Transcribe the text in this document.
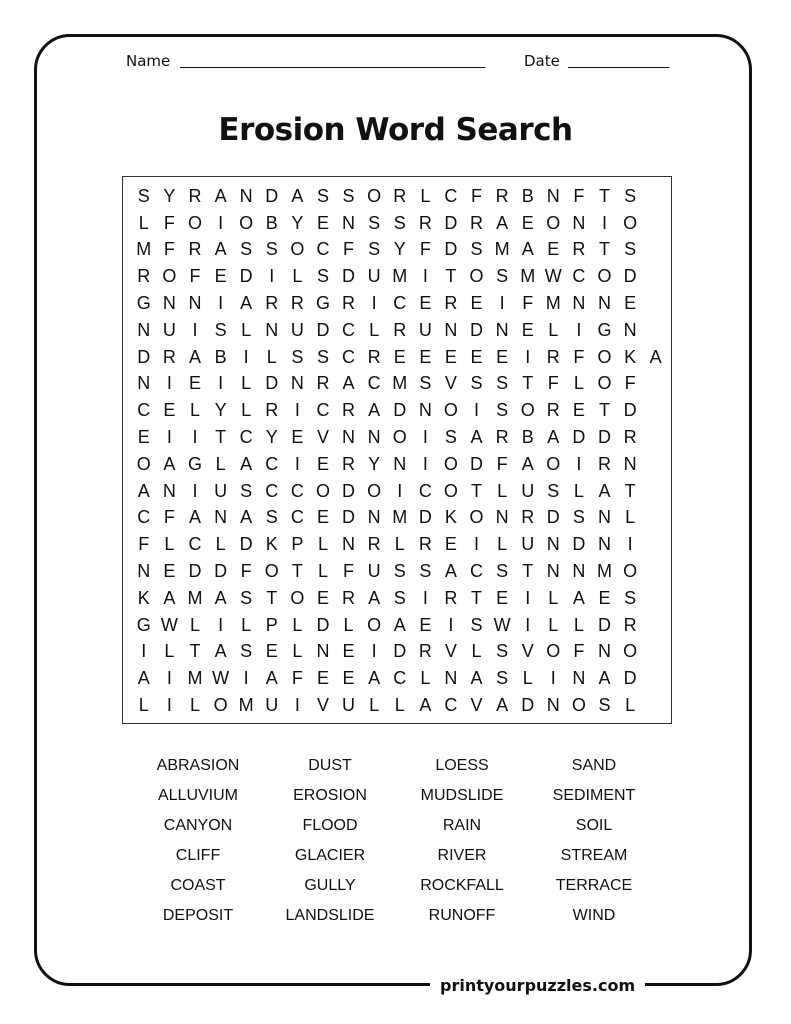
Name	Date
Erosion Word Search
S Y R A N D A S S O R L C F R B N F T S
L F O I O B Y E N S S R D R A E O N I O
M F R A S S O C F S Y F D S M A E R T S
R O F E D I	L S D U M I T O S M W C O D
G N N I A R R G R I C E R E I F M N N E
N U I S L N U D C L R U N D N E L	I G N
D R A B I	L S S C R E E E E E I R F O K A
N I E I	L D N R A C M S V S S T F L O F
C E L Y L R I C R A D N O I S O R E T D
E I	I T C Y E V N N O I S A R B A D D R
O A G L A C I E R Y N I O D F A O I R N
A N I U S C C O D O I C O T L U S L A T
C F A N A S C E D N M D K O N R D S N L
F L C L D K P L N R L R E I	L U N D N I
N E D D F O T L F U S S A C S T N N M O
K A M A S T O E R A S I R T E I	L A E S
G W L	I	L P L D L O A E I S W I	L L D R
I	L T A S E L N E I D R V L S V O F N O
A I M W I A F E E A C L N A S L	I N A D
L	I	L O M U I V U L L A C V A D N O S L
ABRASION	DUST	LOESS	SAND
ALLUVIUM	EROSION	MUDSLIDE	SEDIMENT
CANYON	FLOOD	RAIN	SOIL
CLIFF	GLACIER	RIVER	STREAM
COAST	GULLY	ROCKFALL	TERRACE
DEPOSIT	LANDSLIDE	RUNOFF	WIND
printyourpuzzles.com
